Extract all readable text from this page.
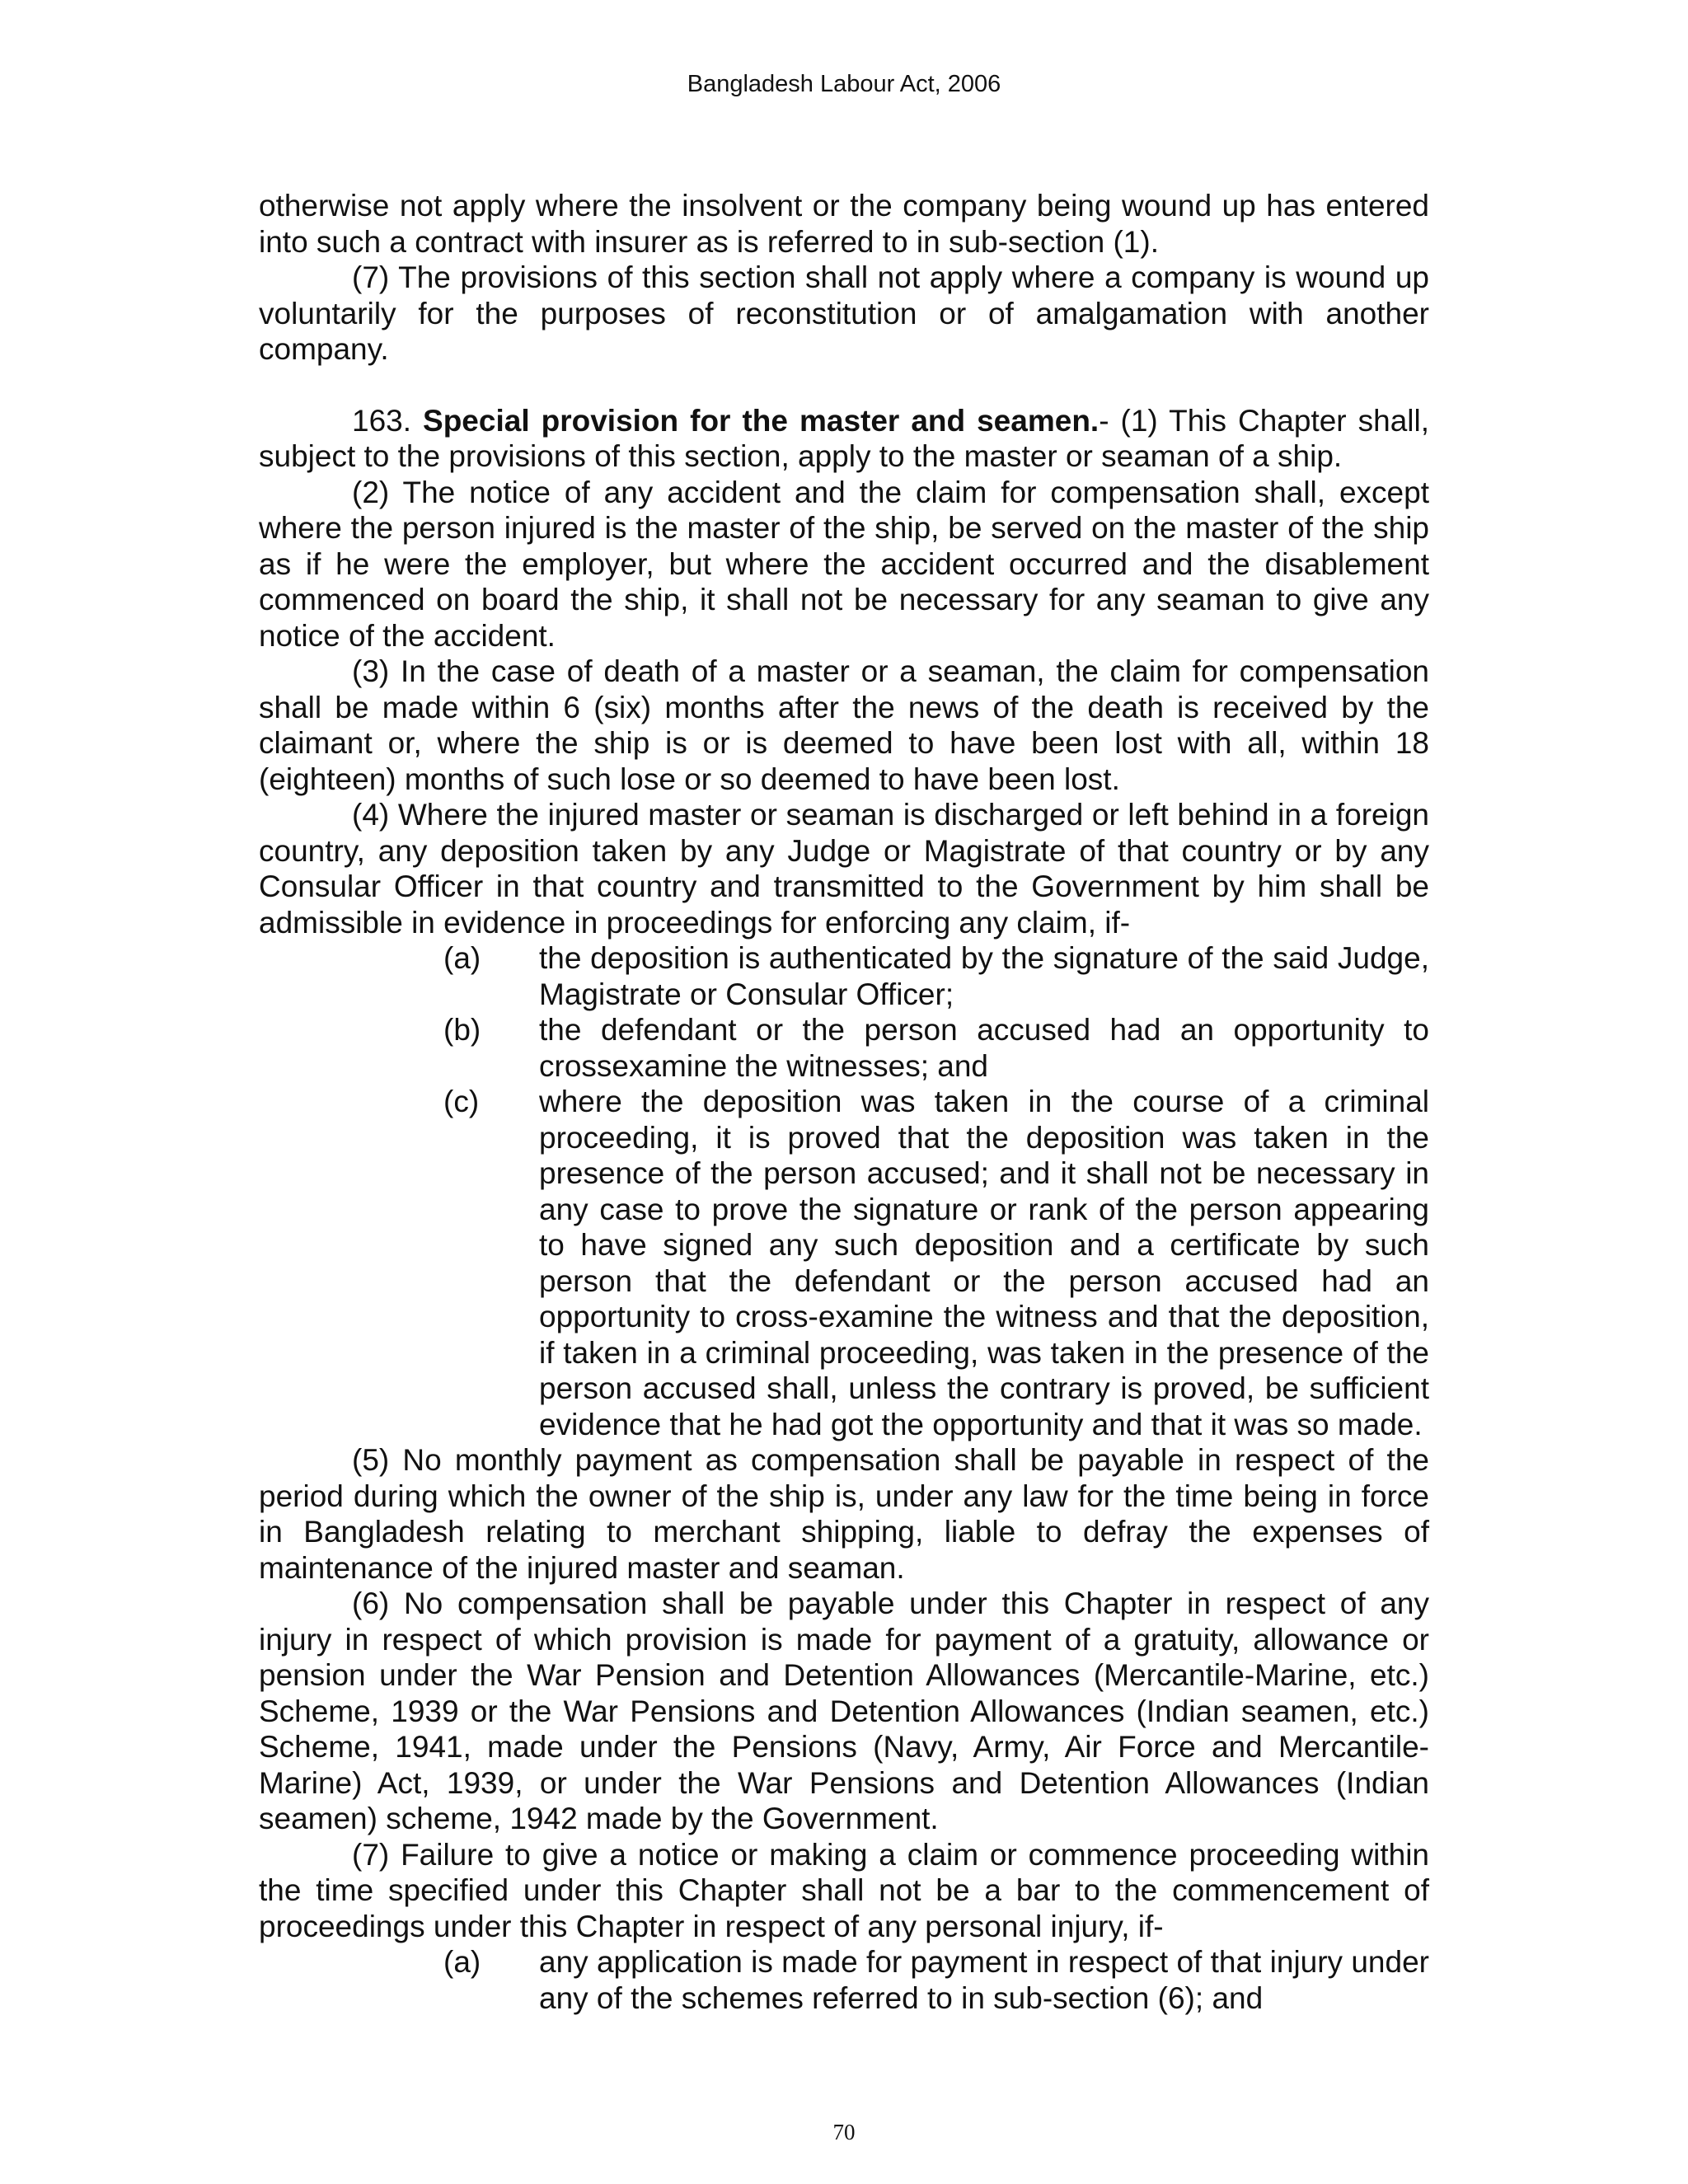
Bangladesh Labour Act, 2006

otherwise not apply where the insolvent or the company being wound up has entered into such a contract with insurer as is referred to in sub-section (1).

(7) The provisions of this section shall not apply where a company is wound up voluntarily for the purposes of reconstitution or of amalgamation with another company.

163. Special provision for the master and seamen.- (1) This Chapter shall, subject to the provisions of this section, apply to the master or seaman of a ship.

(2) The notice of any accident and the claim for compensation shall, except where the person injured is the master of the ship, be served on the master of the ship as if he were the employer, but where the accident occurred and the disablement commenced on board the ship, it shall not be necessary for any seaman to give any notice of the accident.

(3) In the case of death of a master or a seaman, the claim for compensation shall be made within 6 (six) months after the news of the death is received by the claimant or, where the ship is or is deemed to have been lost with all, within 18 (eighteen) months of such lose or so deemed to have been lost.

(4) Where the injured master or seaman is discharged or left behind in a foreign country, any deposition taken by any Judge or Magistrate of that country or by any Consular Officer in that country and transmitted to the Government by him shall be admissible in evidence in proceedings for enforcing any claim, if-

(a) the deposition is authenticated by the signature of the said Judge, Magistrate or Consular Officer;
(b) the defendant or the person accused had an opportunity to crossexamine the witnesses; and
(c) where the deposition was taken in the course of a criminal proceeding, it is proved that the deposition was taken in the presence of the person accused; and it shall not be necessary in any case to prove the signature or rank of the person appearing to have signed any such deposition and a certificate by such person that the defendant or the person accused had an opportunity to cross-examine the witness and that the deposition, if taken in a criminal proceeding, was taken in the presence of the person accused shall, unless the contrary is proved, be sufficient evidence that he had got the opportunity and that it was so made.

(5) No monthly payment as compensation shall be payable in respect of the period during which the owner of the ship is, under any law for the time being in force in Bangladesh relating to merchant shipping, liable to defray the expenses of maintenance of the injured master and seaman.

(6) No compensation shall be payable under this Chapter in respect of any injury in respect of which provision is made for payment of a gratuity, allowance or pension under the War Pension and Detention Allowances (Mercantile-Marine, etc.) Scheme, 1939 or the War Pensions and Detention Allowances (Indian seamen, etc.) Scheme, 1941, made under the Pensions (Navy, Army, Air Force and Mercantile-Marine) Act, 1939, or under the War Pensions and Detention Allowances (Indian seamen) scheme, 1942 made by the Government.

(7) Failure to give a notice or making a claim or commence proceeding within the time specified under this Chapter shall not be a bar to the commencement of proceedings under this Chapter in respect of any personal injury, if-

(a) any application is made for payment in respect of that injury under any of the schemes referred to in sub-section (6); and
70
